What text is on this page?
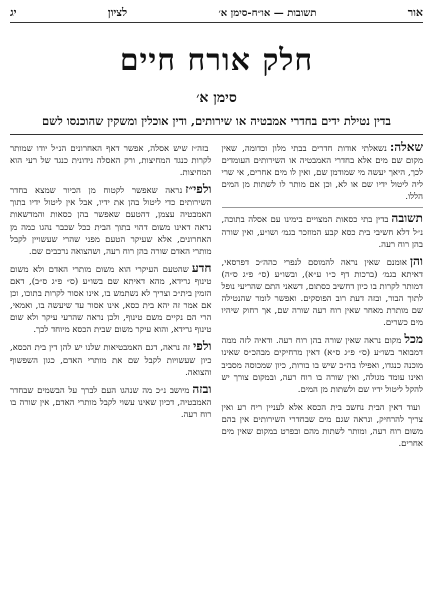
אור
תשובות — או״ח-סימן א׳
לציון
יג
חלק אורח חיים
סימן א׳
בדין נטילת ידים בחדרי אמבטיה או שירותים, ודין אוכלין ומשקין שהוכנסו לשם

שאלה:נשאלתי אודות חדרים בבתי מלון וכדומה, שאין מקום שם מים אלא בחדרי האמבטיה או השירותים העומדים לכך, היאך יעשה מי שמודמן שם, ואין לו מים אחרים, אי שרי ליה ליטול ידיו שם או לא, וכן אם מותר לו לשתות מן המים הללו.

תשובהבדין בתי כסאות המצויים בימינו עם אסלה בתוכה, נ״ל דלא חשיבי בית כסא קבע המוזכר בגמ׳ ושו״ע, ואין שורה בהן רוח רעה.

והןאומנם שאין נראה להמוסם לנפרי כהה״כ דפרסאי, דאיתא בגמ׳ (ברכות דף כ״ו ע״א), ובשו״ע (ס״ פ״ג ס״ה) דמותר לקרות בו כיון דחשיב כסתום, דשאני התם שהריעי נופל לתוך הבור, ובזה דעת רוב הפוסקים. ואפשר לומר שהנטילה שם מותרת מאחר שאין רוח רעה שורה שם, אך רחוק שיהיו מים כשרים.

מכלמקום נראה שאין שורה בהן רוח רעה. ודאיה לזה ממה דמבואר בשו״ע (ס״ פ״ג ס״א) דאין מרחיקים מבהכ״ס שאינו מוכנה כנגדו, ואפילו בה״כ שיש בו בורות, כיון שמכוסה מסביב ואינו עומד מגולה, ואין שורה בו רוח רעה, ובמקום צורך יש להקל ליטול ידיו שם ולשתות מן המים.

ועוד דאין הבית נחשב בית הכסא אלא לעניין ריח רע ואין צריך להרחיק, ונראה שגם מים שבחדרי השירותים אין בהם משום רוח רעה, ומותר לשתות מהם ובפרט במקום שאין מים אחרים.

בזה״ז שיש אסלה, אפשר דאף האחרונים הנ״ל יודו שמותר לקרות כנגד המחיצות, ורק האסלה נידונית כנגד של רעי הוא המחיצות.

ולפי״זנראה שאפשר לקטוח מן הכיור שמצא בחדר השירותים כדי ליטול בהן את ידיו, אבל אין ליטול ידיו בתוך האמבטיה עצמן, דהטעם שאפשר בהן כסאות והמדשאות נראה דאינו משום דהוי בתוך הבית ככל שכבר נהגו כמה מן האחרונים, אלא שעיקר הטעם מפני שהרי שעשויין לקבל מותרי האדם שורה בהן רוח רעה, ושהצואה נרכבים שם.

חדעשהטעם העיקרי הוא משום מותרי האדם ולא משום טינוף גרידא, מהא דאיתא שם בשו״ע (ס״ פ״ג ס״ב), דאם הזמין בית״כ וצריך לא נשתמש בו, אינו אסור לקרות בתוכו, וכן אם אמר זה יהא בית כסא, אינו אסור עד שיעשה בו, ואמאי, הרי הם נקיים משם טינוף, ולכן נראה שהרעי עיקר ולא שום טינוף גרידא, והוא עיקר משום שבית הכסא מיוחד לכך.

ולפיזה נראה, דגם האמבטיאות שלנו יש להן דין בית הכסא, כיון שעשויות לקבל שם את מותרי האדם, כגון השפשוף והצואה.

ובזהמיושב נ״כ מה שנהגו העם לברך על הבשמים שבחדר האמבטיה, דכיון שאינו עשוי לקבל מותרי האדם, אין שורה בו רוח רעה.
